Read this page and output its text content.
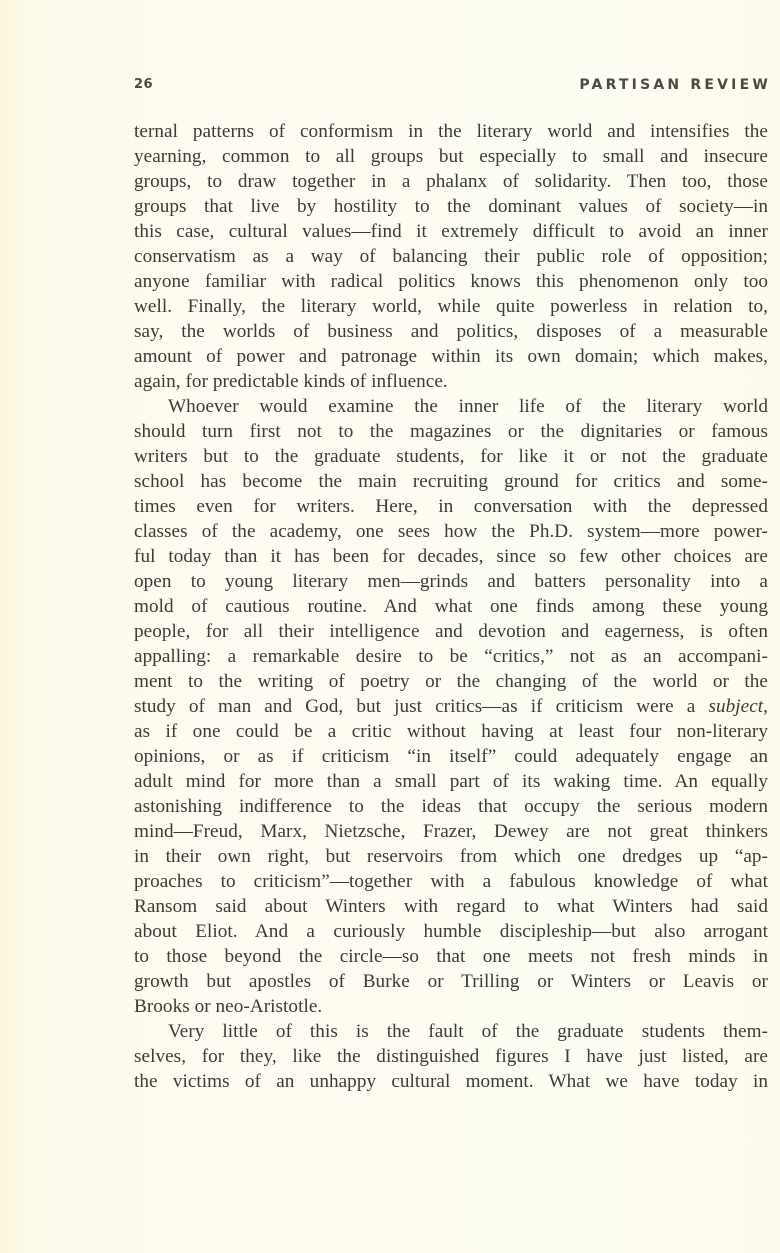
26	PARTISAN REVIEW
ternal patterns of conformism in the literary world and intensifies the
yearning, common to all groups but especially to small and insecure
groups, to draw together in a phalanx of solidarity. Then too, those
groups that live by hostility to the dominant values of society—in
this case, cultural values—find it extremely difficult to avoid an inner
conservatism as a way of balancing their public role of opposition;
anyone familiar with radical politics knows this phenomenon only too
well. Finally, the literary world, while quite powerless in relation to,
say, the worlds of business and politics, disposes of a measurable
amount of power and patronage within its own domain; which makes,
again, for predictable kinds of influence.
Whoever would examine the inner life of the literary world
should turn first not to the magazines or the dignitaries or famous
writers but to the graduate students, for like it or not the graduate
school has become the main recruiting ground for critics and some-
times even for writers. Here, in conversation with the depressed
classes of the academy, one sees how the Ph.D. system—more power-
ful today than it has been for decades, since so few other choices are
open to young literary men—grinds and batters personality into a
mold of cautious routine. And what one finds among these young
people, for all their intelligence and devotion and eagerness, is often
appalling: a remarkable desire to be “critics,” not as an accompani-
ment to the writing of poetry or the changing of the world or the
study of man and God, but just critics—as if criticism were a subject,
as if one could be a critic without having at least four non-literary
opinions, or as if criticism “in itself” could adequately engage an
adult mind for more than a small part of its waking time. An equally
astonishing indifference to the ideas that occupy the serious modern
mind—Freud, Marx, Nietzsche, Frazer, Dewey are not great thinkers
in their own right, but reservoirs from which one dredges up “ap-
proaches to criticism”—together with a fabulous knowledge of what
Ransom said about Winters with regard to what Winters had said
about Eliot. And a curiously humble discipleship—but also arrogant
to those beyond the circle—so that one meets not fresh minds in
growth but apostles of Burke or Trilling or Winters or Leavis or
Brooks or neo-Aristotle.
Very little of this is the fault of the graduate students them-
selves, for they, like the distinguished figures I have just listed, are
the victims of an unhappy cultural moment. What we have today in
